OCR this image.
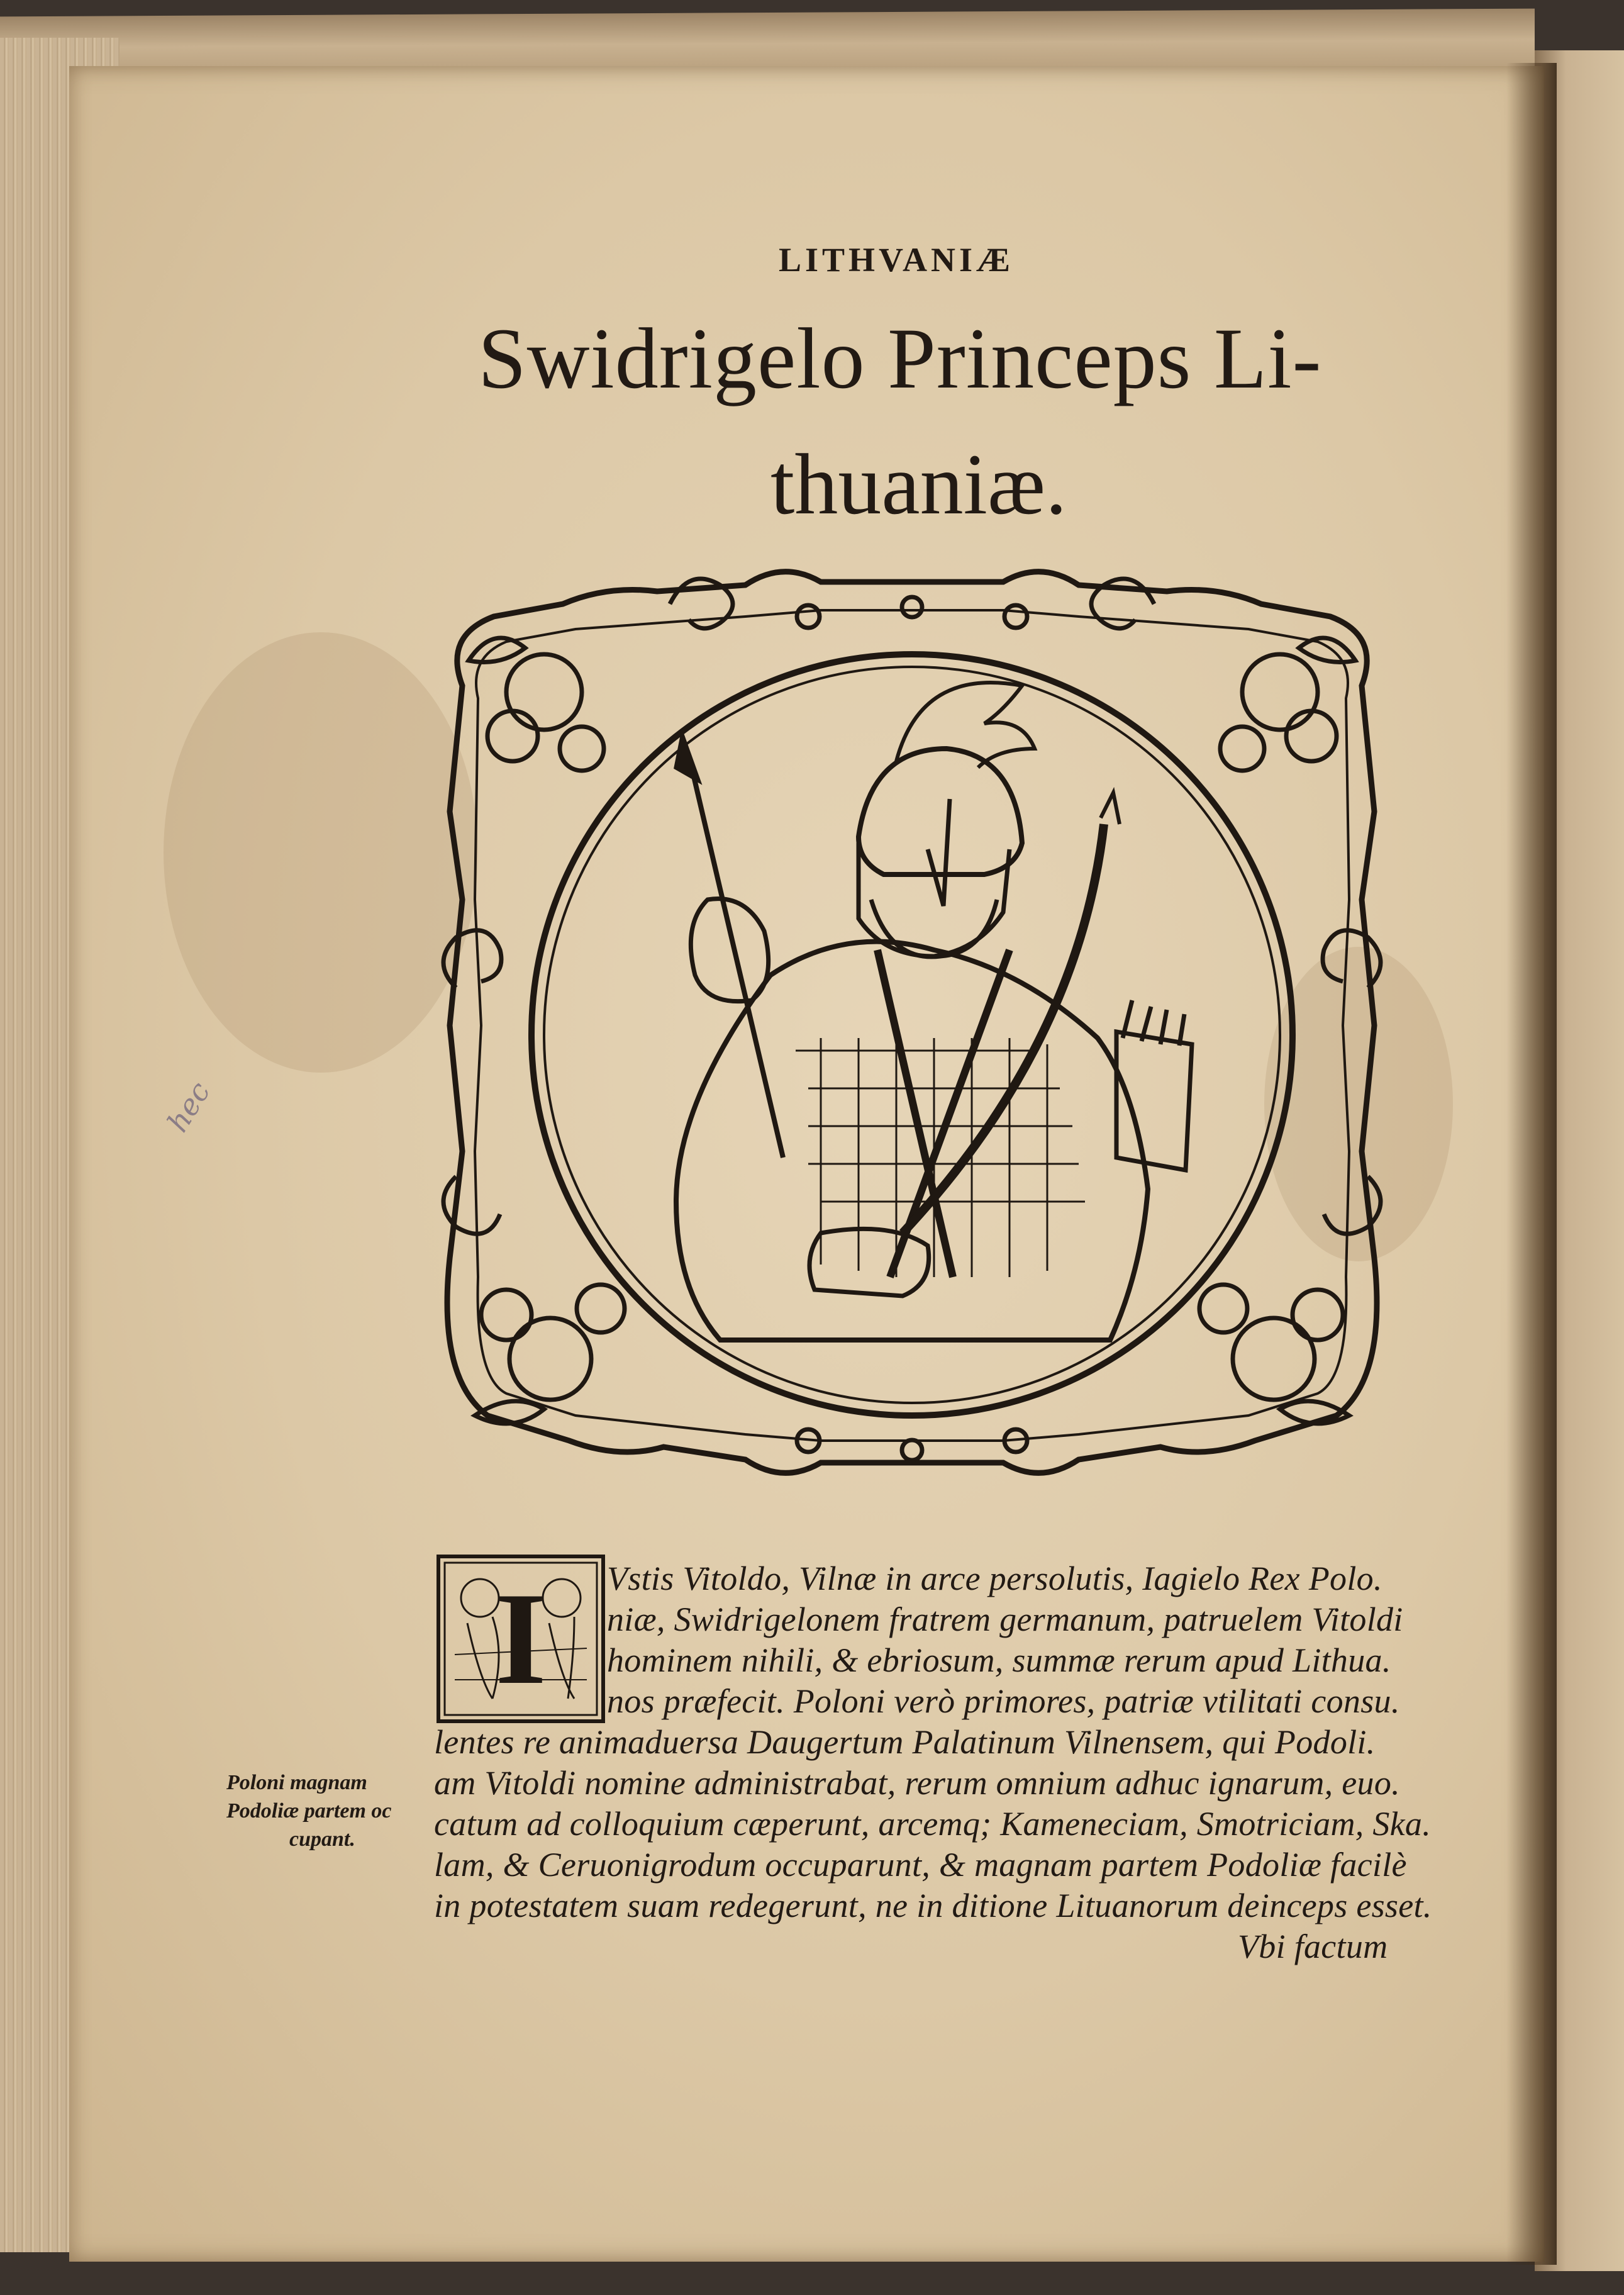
LITHVANIÆ
Swidrigelo Princeps Li-
thuaniæ.
I Vstis Vitoldo, Vilnæ in arce persolutis, Iagielo Rex Polo.
niæ, Swidrigelonem fratrem germanum, patruelem Vitoldi
hominem nihili, & ebriosum, summæ rerum apud Lithua.
nos præfecit. Poloni verò primores, patriæ vtilitati consu.
lentes re animaduersa Daugertum Palatinum Vilnensem, qui Podoli.
am Vitoldi nomine administrabat, rerum omnium adhuc ignarum, euo.
catum ad colloquium cæperunt, arcemq; Kameneciam, Smotriciam, Ska.
lam, & Ceruonigrodum occuparunt, & magnam partem Podoliæ facilè
in potestatem suam redegerunt, ne in ditione Lituanorum deinceps esset.
Vbi factum
Poloni magnam
Podoliæ partem oc
cupant.
hec
